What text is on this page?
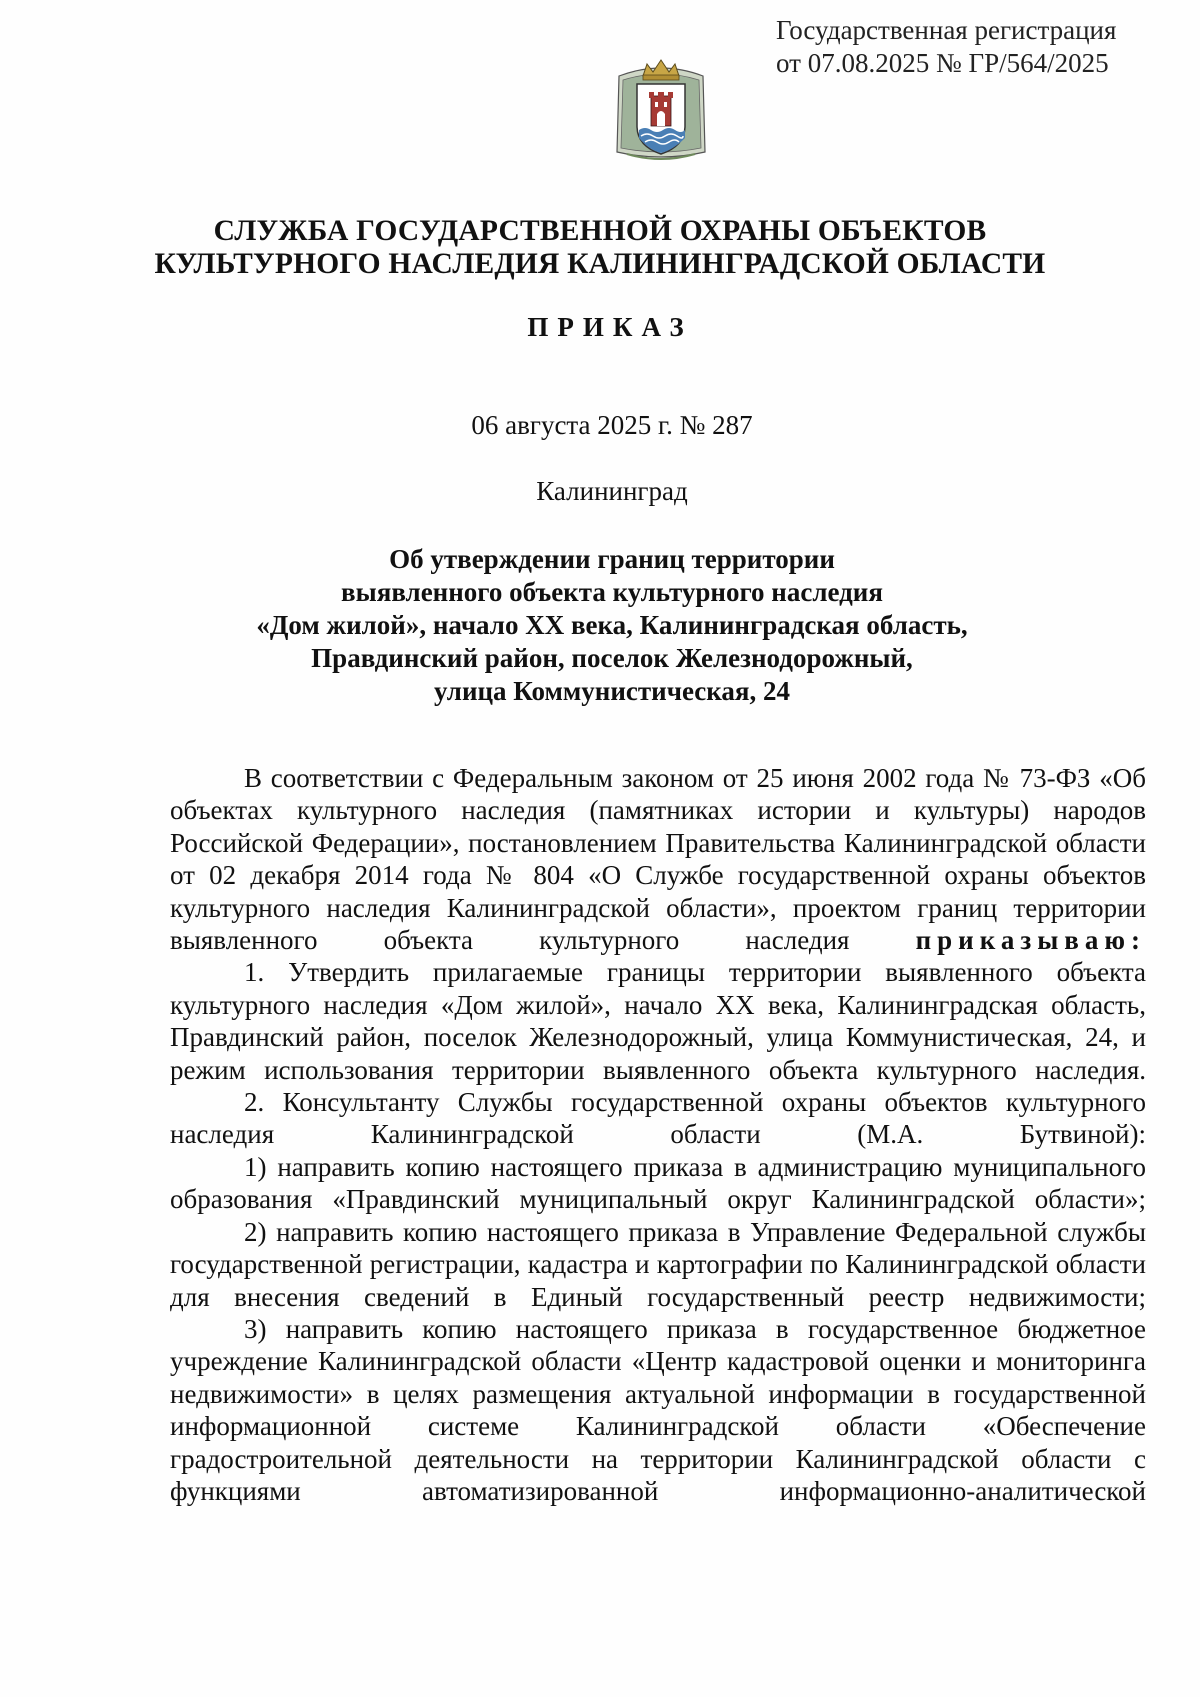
Государственная регистрация
от 07.08.2025 № ГР/564/2025
СЛУЖБА ГОСУДАРСТВЕННОЙ ОХРАНЫ ОБЪЕКТОВ
КУЛЬТУРНОГО НАСЛЕДИЯ КАЛИНИНГРАДСКОЙ ОБЛАСТИ
ПРИКАЗ
06 августа 2025 г. № 287
Калининград
Об утверждении границ территории
выявленного объекта культурного наследия
«Дом жилой», начало XX века, Калининградская область,
Правдинский район, поселок Железнодорожный,
улица Коммунистическая, 24

В соответствии с Федеральным законом от 25 июня 2002 года № 73-ФЗ «Об объектах культурного наследия (памятниках истории и культуры) народов Российской Федерации», постановлением Правительства Калининградской области от 02 декабря 2014 года № 804 «О Службе государственной охраны объектов культурного наследия Калининградской области», проектом границ территории выявленного объекта культурного наследия приказываю:

1. Утвердить прилагаемые границы территории выявленного объекта культурного наследия «Дом жилой», начало XX века, Калининградская область, Правдинский район, поселок Железнодорожный, улица Коммунистическая, 24, и режим использования территории выявленного объекта культурного наследия.

2. Консультанту Службы государственной охраны объектов культурного наследия Калининградской области (М.А. Бутвиной):

1) направить копию настоящего приказа в администрацию муниципального образования «Правдинский муниципальный округ Калининградской области»;

2) направить копию настоящего приказа в Управление Федеральной службы государственной регистрации, кадастра и картографии по Калининградской области для внесения сведений в Единый государственный реестр недвижимости;

3) направить копию настоящего приказа в государственное бюджетное учреждение Калининградской области «Центр кадастровой оценки и мониторинга недвижимости» в целях размещения актуальной информации в государственной информационной системе Калининградской области «Обеспечение градостроительной деятельности на территории Калининградской области с функциями автоматизированной информационно-аналитической
